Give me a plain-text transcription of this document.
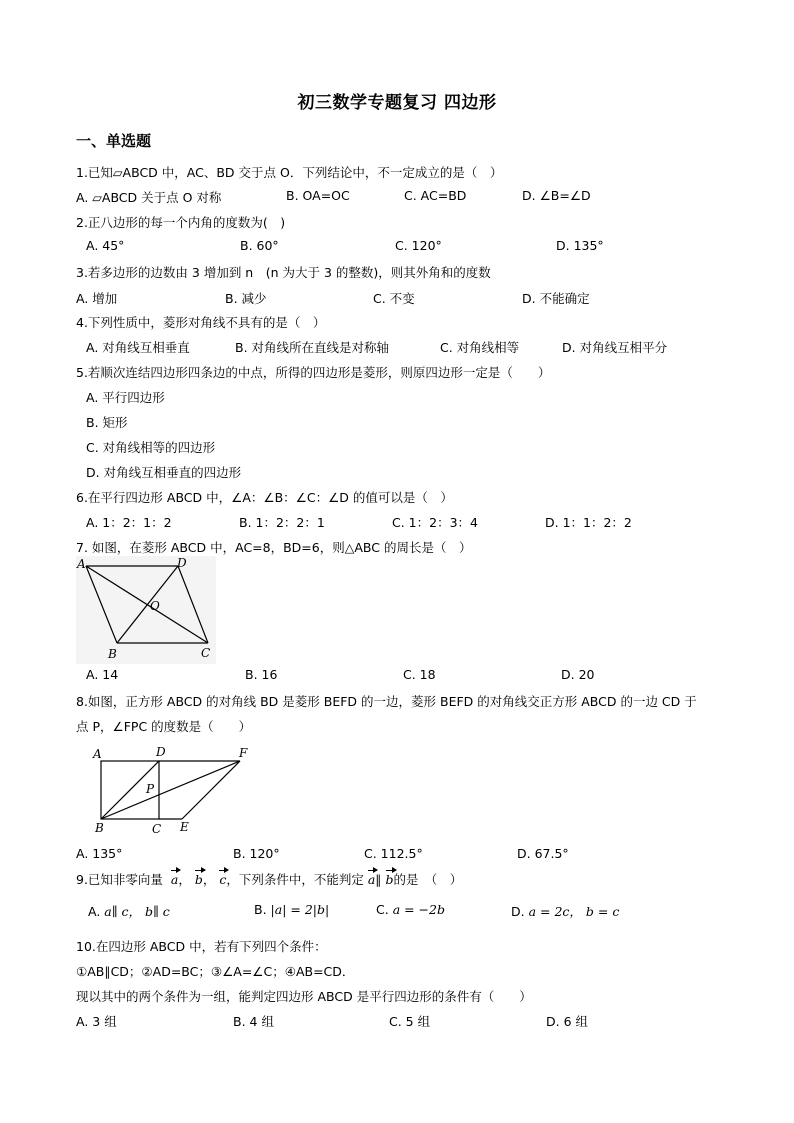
初三数学专题复习 四边形
一、单选题
1.已知▱ABCD 中，AC、BD 交于点 O．下列结论中，不一定成立的是（　）
A. ▱ABCD 关于点 O 对称	B. OA=OC	C. AC=BD	D. ∠B=∠D
2.正八边形的每一个内角的度数为(　)
A. 45°	B. 60°	C. 120°	D. 135°
3.若多边形的边数由 3 增加到 n　(n 为大于 3 的整数)，则其外角和的度数
A. 增加	B. 减少	C. 不变	D. 不能确定
4.下列性质中，菱形对角线不具有的是（　）
A. 对角线互相垂直	B. 对角线所在直线是对称轴	C. 对角线相等	D. 对角线互相平分
5.若顺次连结四边形四条边的中点，所得的四边形是菱形，则原四边形一定是（　　）
A. 平行四边形
B. 矩形
C. 对角线相等的四边形
D. 对角线互相垂直的四边形
6.在平行四边形 ABCD 中，∠A：∠B：∠C：∠D 的值可以是（　）
A. 1：2：1：2	B. 1：2：2：1	C. 1：2：3：4	D. 1：1：2：2
7. 如图，在菱形 ABCD 中，AC=8，BD=6，则△ABC 的周长是（　）
A	D
O
B	C
A. 14	B. 16	C. 18	D. 20
8.如图，正方形 ABCD 的对角线 BD 是菱形 BEFD 的一边，菱形 BEFD 的对角线交正方形 ABCD 的一边 CD 于
点 P，∠FPC 的度数是（　　）
A	D	F
P
B	C E
A. 135°	B. 120°	C. 112.5°	D. 67.5°
9.已知非零向量 a， b， c，下列条件中，不能判定 a∥ b的是　（　）
A. a∥ c， b∥ c	B. |a| = 2|b|	C. a = −2b	D. a = 2c， b = c
10.在四边形 ABCD 中，若有下列四个条件：
①AB∥CD；②AD=BC；③∠A=∠C；④AB=CD．
现以其中的两个条件为一组，能判定四边形 ABCD 是平行四边形的条件有（　　）
A. 3 组	B. 4 组	C. 5 组	D. 6 组
